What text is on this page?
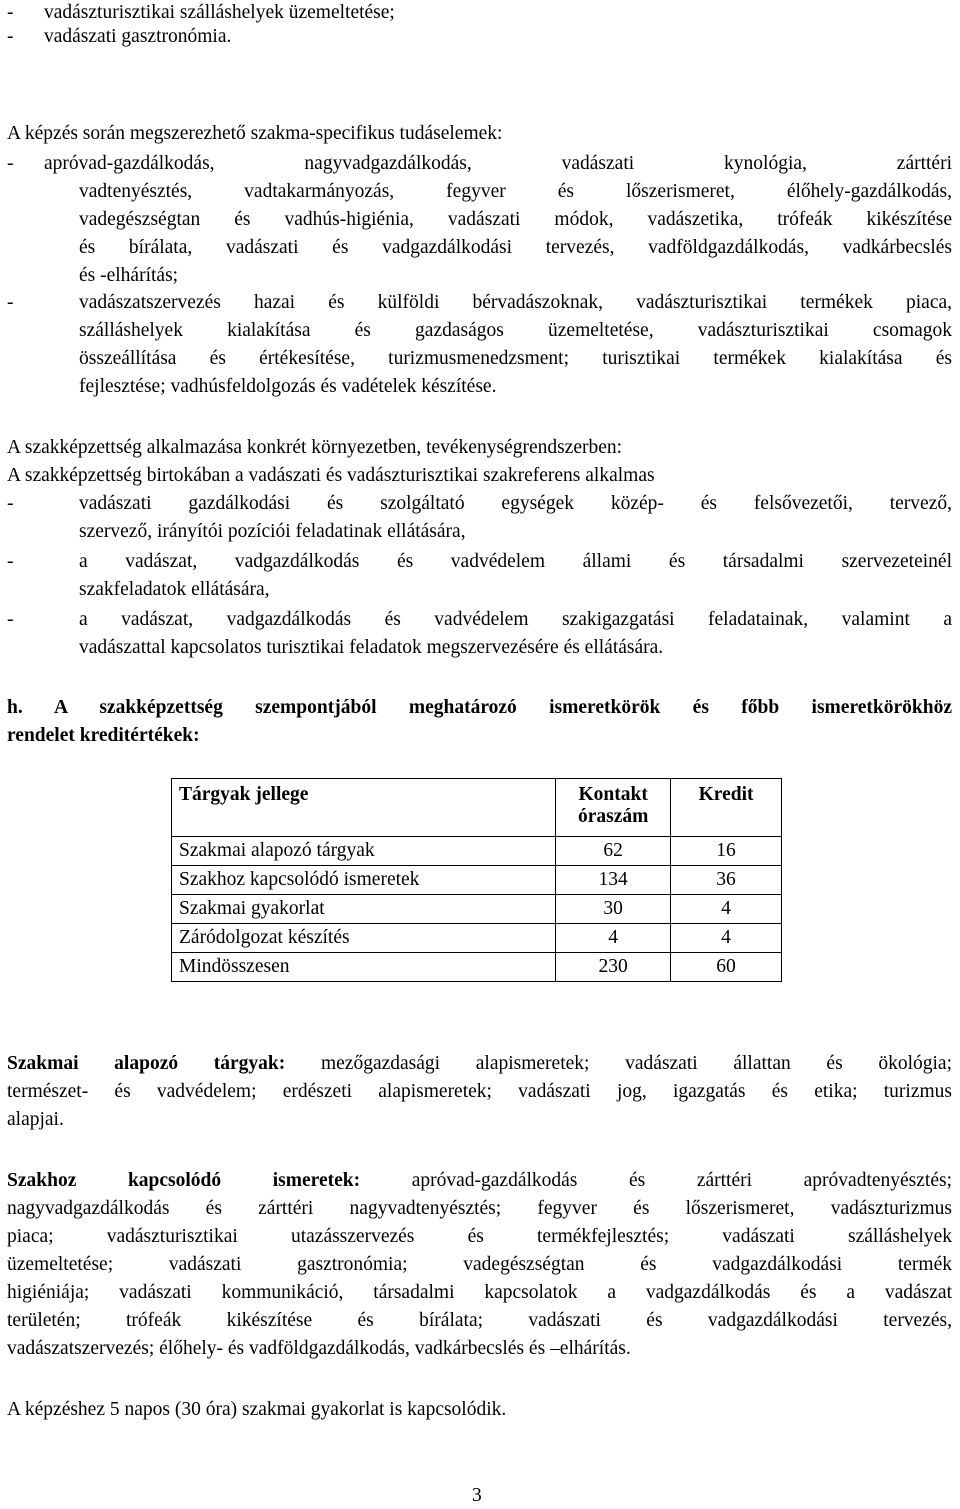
- vadászturisztikai szálláshelyek üzemeltetése;
- vadászati gasztronómia.
A képzés során megszerezhető szakma-specifikus tudáselemek:
- apróvad-gazdálkodás, nagyvadgazdálkodás, vadászati kynológia, zárttéri
vadtenyésztés, vadtakarmányozás, fegyver és lőszerismeret, élőhely-gazdálkodás,
vadegészségtan és vadhús-higiénia, vadászati módok, vadászetika, trófeák kikészítése
és bírálata, vadászati és vadgazdálkodási tervezés, vadföldgazdálkodás, vadkárbecslés
és -elhárítás;
-	vadászatszervezés hazai és külföldi bérvadászoknak, vadászturisztikai termékek piaca,
szálláshelyek kialakítása és gazdaságos üzemeltetése, vadászturisztikai csomagok
összeállítása és értékesítése, turizmusmenedzsment; turisztikai termékek kialakítása és
fejlesztése; vadhúsfeldolgozás és vadételek készítése.
A szakképzettség alkalmazása konkrét környezetben, tevékenységrendszerben:
A szakképzettség birtokában a vadászati és vadászturisztikai szakreferens alkalmas
-	vadászati gazdálkodási és szolgáltató egységek közép- és felsővezetői, tervező,
szervező, irányítói pozíciói feladatinak ellátására,
-	a vadászat, vadgazdálkodás és vadvédelem állami és társadalmi szervezeteinél
szakfeladatok ellátására,
-	a vadászat, vadgazdálkodás és vadvédelem szakigazgatási feladatainak, valamint a
vadászattal kapcsolatos turisztikai feladatok megszervezésére és ellátására.
h. A szakképzettség szempontjából meghatározó ismeretkörök és főbb ismeretkörökhöz
rendelet kreditértékek:
Tárgyak jellege	Kontakt óraszám	Kredit
Szakmai alapozó tárgyak	62	16
Szakhoz kapcsolódó ismeretek	134	36
Szakmai gyakorlat	30	4
Záródolgozat készítés	4	4
Mindösszesen	230	60
Szakmai alapozó tárgyak: mezőgazdasági alapismeretek; vadászati állattan és ökológia;
természet- és vadvédelem; erdészeti alapismeretek; vadászati jog, igazgatás és etika; turizmus
alapjai.
Szakhoz kapcsolódó ismeretek:	apróvad-gazdálkodás és zárttéri apróvadtenyésztés;
nagyvadgazdálkodás és zárttéri nagyvadtenyésztés; fegyver és lőszerismeret, vadászturizmus
piaca; vadászturisztikai utazásszervezés és termékfejlesztés; vadászati szálláshelyek
üzemeltetése; vadászati gasztronómia; vadegészségtan és vadgazdálkodási termék
higiéniája; vadászati kommunikáció, társadalmi kapcsolatok a vadgazdálkodás és a vadászat
területén; trófeák kikészítése és bírálata; vadászati és vadgazdálkodási tervezés,
vadászatszervezés; élőhely- és vadföldgazdálkodás, vadkárbecslés és –elhárítás.
A képzéshez 5 napos (30 óra) szakmai gyakorlat is kapcsolódik.
3
